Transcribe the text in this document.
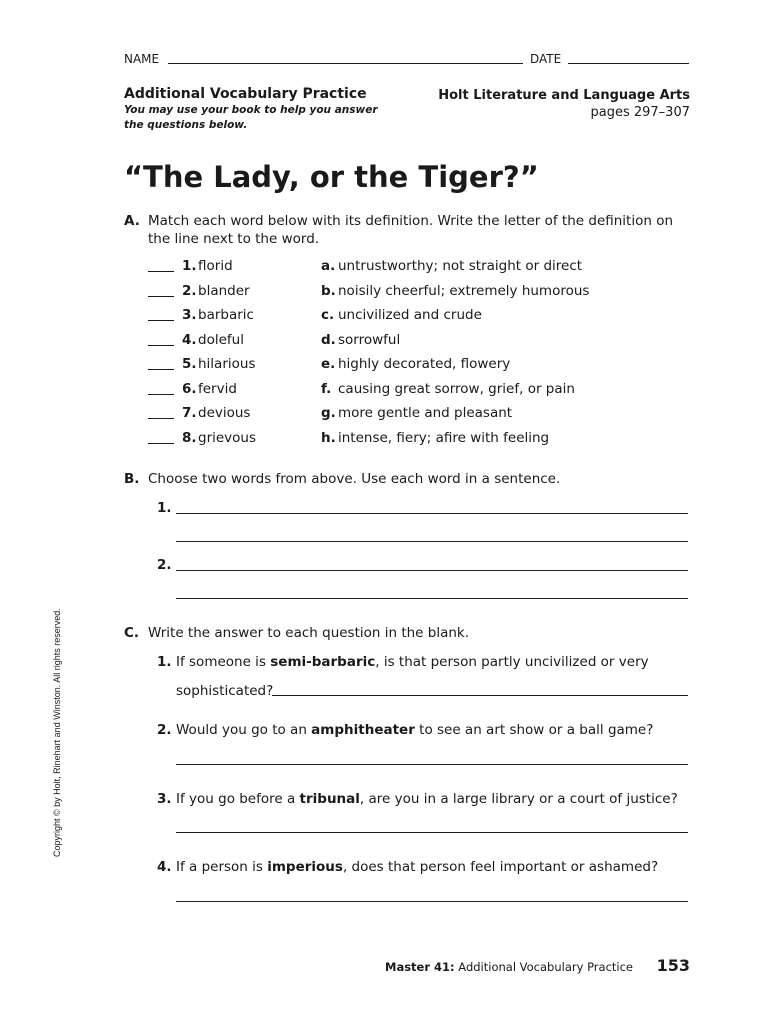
NAME	DATE
Additional Vocabulary Practice
You may use your book to help you answer
the questions below.
Holt Literature and Language Arts
pages 297–307
“The Lady, or the Tiger?”
A. Match each word below with its definition. Write the letter of the definition on
the line next to the word.
1. florid	a. untrustworthy; not straight or direct
2. blander	b. noisily cheerful; extremely humorous
3. barbaric	c. uncivilized and crude
4. doleful	d. sorrowful
5. hilarious	e. highly decorated, flowery
6. fervid	f. causing great sorrow, grief, or pain
7. devious	g. more gentle and pleasant
8. grievous	h. intense, fiery; afire with feeling
B. Choose two words from above. Use each word in a sentence.
1.
2.
Copyright © by Holt, Rinehart and Winston. All rights reserved.	C. Write the answer to each question in the blank.
1. If someone is semi-barbaric, is that person partly uncivilized or very
sophisticated?
2. Would you go to an amphitheater to see an art show or a ball game?
3. If you go before a tribunal, are you in a large library or a court of justice?
4. If a person is imperious, does that person feel important or ashamed?
Master 41: Additional Vocabulary Practice 153
